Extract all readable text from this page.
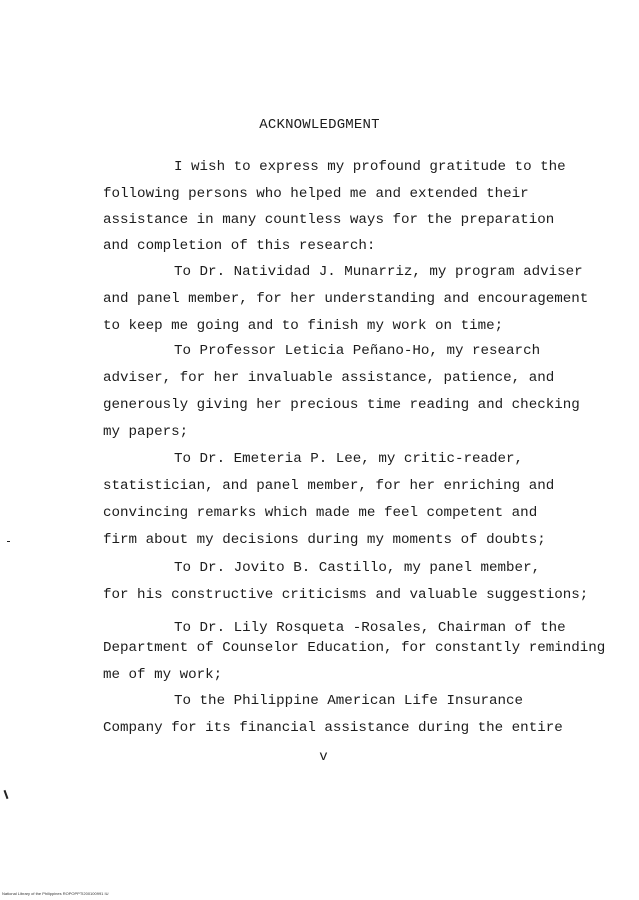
ACKNOWLEDGMENT
I wish to express my profound gratitude to the
following persons who helped me and extended their
assistance in many countless ways for the preparation
and completion of this research:
To Dr. Natividad J. Munarriz, my program adviser
and panel member, for her understanding and encouragement
to keep me going and to finish my work on time;
To Professor Leticia Peñano-Ho, my research
adviser, for her invaluable assistance, patience, and
generously giving her precious time reading and checking
my papers;
To Dr. Emeteria P. Lee, my critic-reader,
statistician, and panel member, for her enriching and
convincing remarks which made me feel competent and
firm about my decisions during my moments of doubts;
To Dr. Jovito B. Castillo, my panel member,
for his constructive criticisms and valuable suggestions;
To Dr. Lily Rosqueta -Rosales, Chairman of the
Department of Counselor Education, for constantly reminding
me of my work;
To the Philippine American Life Insurance
Company for its financial assistance during the entire
v
National Library of the Philippines ROPOPPTI200100991 IU
